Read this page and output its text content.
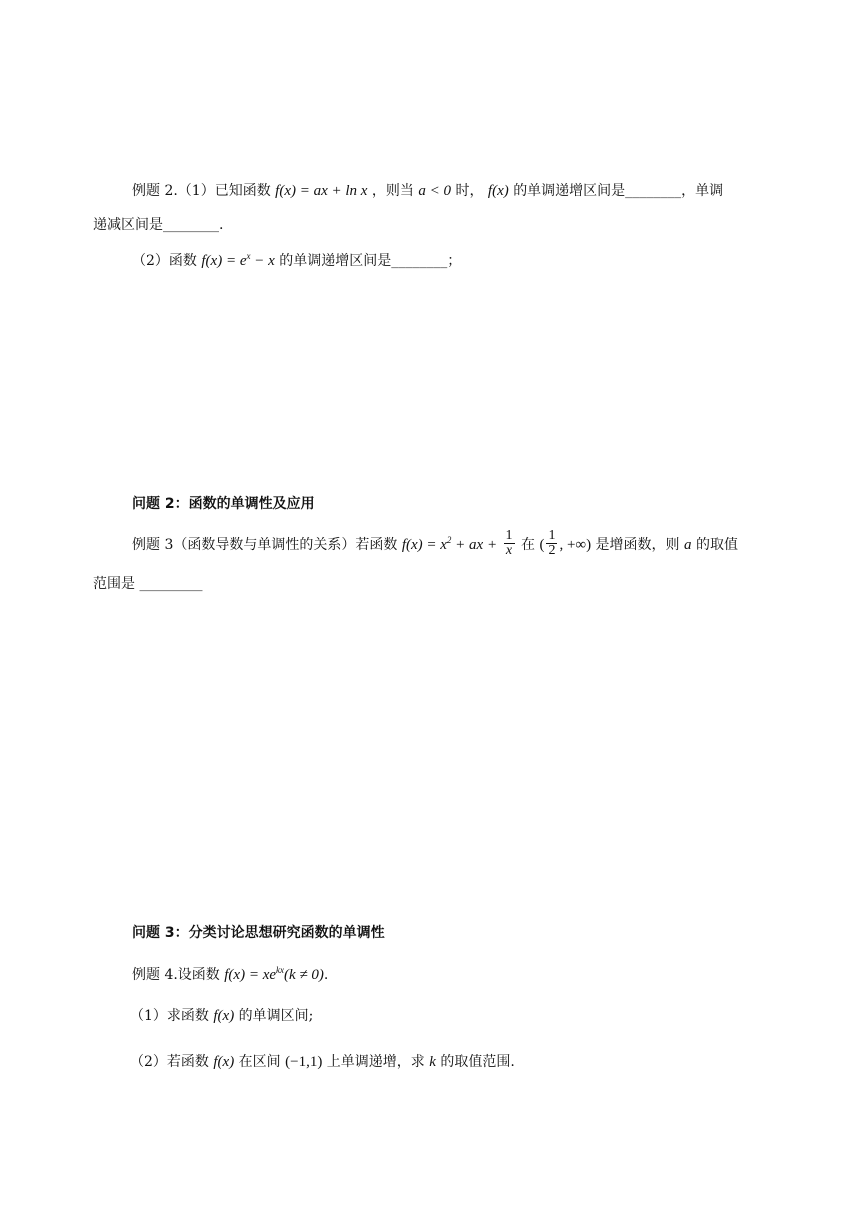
例题 2.（1）已知函数 f(x) = ax + ln x ，则当 a < 0 时， f(x) 的单调递增区间是________，单调
递减区间是________.
（2）函数 $f(x) = e^x - x$ 的单调递增区间是________；
问题 2：函数的单调性及应用
例题 3（函数导数与单调性的关系）若函数 $f(x) = x^2$ + ax + $\frac{1}{x}$ 在 ( $\frac{1}{2}$ , +∞) 是增函数，则 a 的取值
范围是 _________
问题 3：分类讨论思想研究函数的单调性
例题 4.设函数 $f(x) = xe^{kx}(k \ne 0)$.
（1）求函数 f(x) 的单调区间;
（2）若函数 f(x) 在区间 (−1,1) 上单调递增，求 k 的取值范围.
